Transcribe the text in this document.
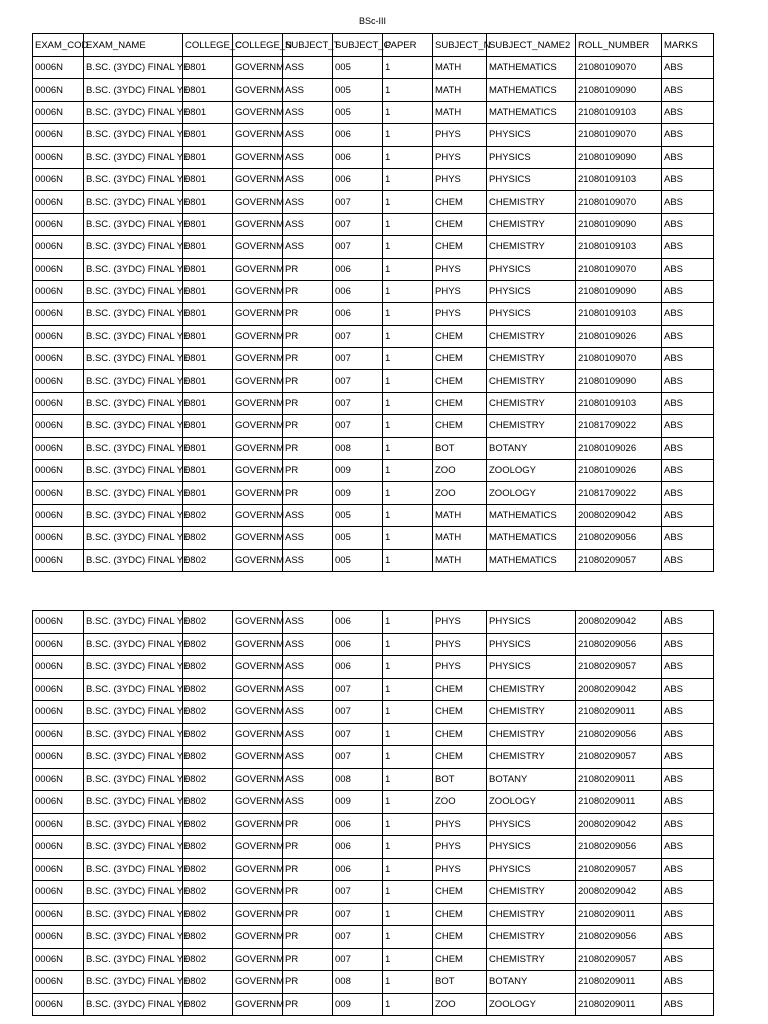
BSc-III
EXAM_COD	EXAM_NAME	COLLEGE_C	COLLEGE_N	SUBJECT_T	SUBJECT_C	PAPER	SUBJECT_N	SUBJECT_NAME2	ROLL_NUMBER	MARKS
0006N	B.SC. (3YDC) FINAL YE	0801	GOVERNM	ASS	005	1	MATH	MATHEMATICS	21080109070	ABS
0006N	B.SC. (3YDC) FINAL YE	0801	GOVERNM	ASS	005	1	MATH	MATHEMATICS	21080109090	ABS
0006N	B.SC. (3YDC) FINAL YE	0801	GOVERNM	ASS	005	1	MATH	MATHEMATICS	21080109103	ABS
0006N	B.SC. (3YDC) FINAL YE	0801	GOVERNM	ASS	006	1	PHYS	PHYSICS	21080109070	ABS
0006N	B.SC. (3YDC) FINAL YE	0801	GOVERNM	ASS	006	1	PHYS	PHYSICS	21080109090	ABS
0006N	B.SC. (3YDC) FINAL YE	0801	GOVERNM	ASS	006	1	PHYS	PHYSICS	21080109103	ABS
0006N	B.SC. (3YDC) FINAL YE	0801	GOVERNM	ASS	007	1	CHEM	CHEMISTRY	21080109070	ABS
0006N	B.SC. (3YDC) FINAL YE	0801	GOVERNM	ASS	007	1	CHEM	CHEMISTRY	21080109090	ABS
0006N	B.SC. (3YDC) FINAL YE	0801	GOVERNM	ASS	007	1	CHEM	CHEMISTRY	21080109103	ABS
0006N	B.SC. (3YDC) FINAL YE	0801	GOVERNM	PR	006	1	PHYS	PHYSICS	21080109070	ABS
0006N	B.SC. (3YDC) FINAL YE	0801	GOVERNM	PR	006	1	PHYS	PHYSICS	21080109090	ABS
0006N	B.SC. (3YDC) FINAL YE	0801	GOVERNM	PR	006	1	PHYS	PHYSICS	21080109103	ABS
0006N	B.SC. (3YDC) FINAL YE	0801	GOVERNM	PR	007	1	CHEM	CHEMISTRY	21080109026	ABS
0006N	B.SC. (3YDC) FINAL YE	0801	GOVERNM	PR	007	1	CHEM	CHEMISTRY	21080109070	ABS
0006N	B.SC. (3YDC) FINAL YE	0801	GOVERNM	PR	007	1	CHEM	CHEMISTRY	21080109090	ABS
0006N	B.SC. (3YDC) FINAL YE	0801	GOVERNM	PR	007	1	CHEM	CHEMISTRY	21080109103	ABS
0006N	B.SC. (3YDC) FINAL YE	0801	GOVERNM	PR	007	1	CHEM	CHEMISTRY	21081709022	ABS
0006N	B.SC. (3YDC) FINAL YE	0801	GOVERNM	PR	008	1	BOT	BOTANY	21080109026	ABS
0006N	B.SC. (3YDC) FINAL YE	0801	GOVERNM	PR	009	1	ZOO	ZOOLOGY	21080109026	ABS
0006N	B.SC. (3YDC) FINAL YE	0801	GOVERNM	PR	009	1	ZOO	ZOOLOGY	21081709022	ABS
0006N	B.SC. (3YDC) FINAL YE	0802	GOVERNM	ASS	005	1	MATH	MATHEMATICS	20080209042	ABS
0006N	B.SC. (3YDC) FINAL YE	0802	GOVERNM	ASS	005	1	MATH	MATHEMATICS	21080209056	ABS
0006N	B.SC. (3YDC) FINAL YE	0802	GOVERNM	ASS	005	1	MATH	MATHEMATICS	21080209057	ABS
0006N	B.SC. (3YDC) FINAL YE	0802	GOVERNM	ASS	006	1	PHYS	PHYSICS	20080209042	ABS
0006N	B.SC. (3YDC) FINAL YE	0802	GOVERNM	ASS	006	1	PHYS	PHYSICS	21080209056	ABS
0006N	B.SC. (3YDC) FINAL YE	0802	GOVERNM	ASS	006	1	PHYS	PHYSICS	21080209057	ABS
0006N	B.SC. (3YDC) FINAL YE	0802	GOVERNM	ASS	007	1	CHEM	CHEMISTRY	20080209042	ABS
0006N	B.SC. (3YDC) FINAL YE	0802	GOVERNM	ASS	007	1	CHEM	CHEMISTRY	21080209011	ABS
0006N	B.SC. (3YDC) FINAL YE	0802	GOVERNM	ASS	007	1	CHEM	CHEMISTRY	21080209056	ABS
0006N	B.SC. (3YDC) FINAL YE	0802	GOVERNM	ASS	007	1	CHEM	CHEMISTRY	21080209057	ABS
0006N	B.SC. (3YDC) FINAL YE	0802	GOVERNM	ASS	008	1	BOT	BOTANY	21080209011	ABS
0006N	B.SC. (3YDC) FINAL YE	0802	GOVERNM	ASS	009	1	ZOO	ZOOLOGY	21080209011	ABS
0006N	B.SC. (3YDC) FINAL YE	0802	GOVERNM	PR	006	1	PHYS	PHYSICS	20080209042	ABS
0006N	B.SC. (3YDC) FINAL YE	0802	GOVERNM	PR	006	1	PHYS	PHYSICS	21080209056	ABS
0006N	B.SC. (3YDC) FINAL YE	0802	GOVERNM	PR	006	1	PHYS	PHYSICS	21080209057	ABS
0006N	B.SC. (3YDC) FINAL YE	0802	GOVERNM	PR	007	1	CHEM	CHEMISTRY	20080209042	ABS
0006N	B.SC. (3YDC) FINAL YE	0802	GOVERNM	PR	007	1	CHEM	CHEMISTRY	21080209011	ABS
0006N	B.SC. (3YDC) FINAL YE	0802	GOVERNM	PR	007	1	CHEM	CHEMISTRY	21080209056	ABS
0006N	B.SC. (3YDC) FINAL YE	0802	GOVERNM	PR	007	1	CHEM	CHEMISTRY	21080209057	ABS
0006N	B.SC. (3YDC) FINAL YE	0802	GOVERNM	PR	008	1	BOT	BOTANY	21080209011	ABS
0006N	B.SC. (3YDC) FINAL YE	0802	GOVERNM	PR	009	1	ZOO	ZOOLOGY	21080209011	ABS
